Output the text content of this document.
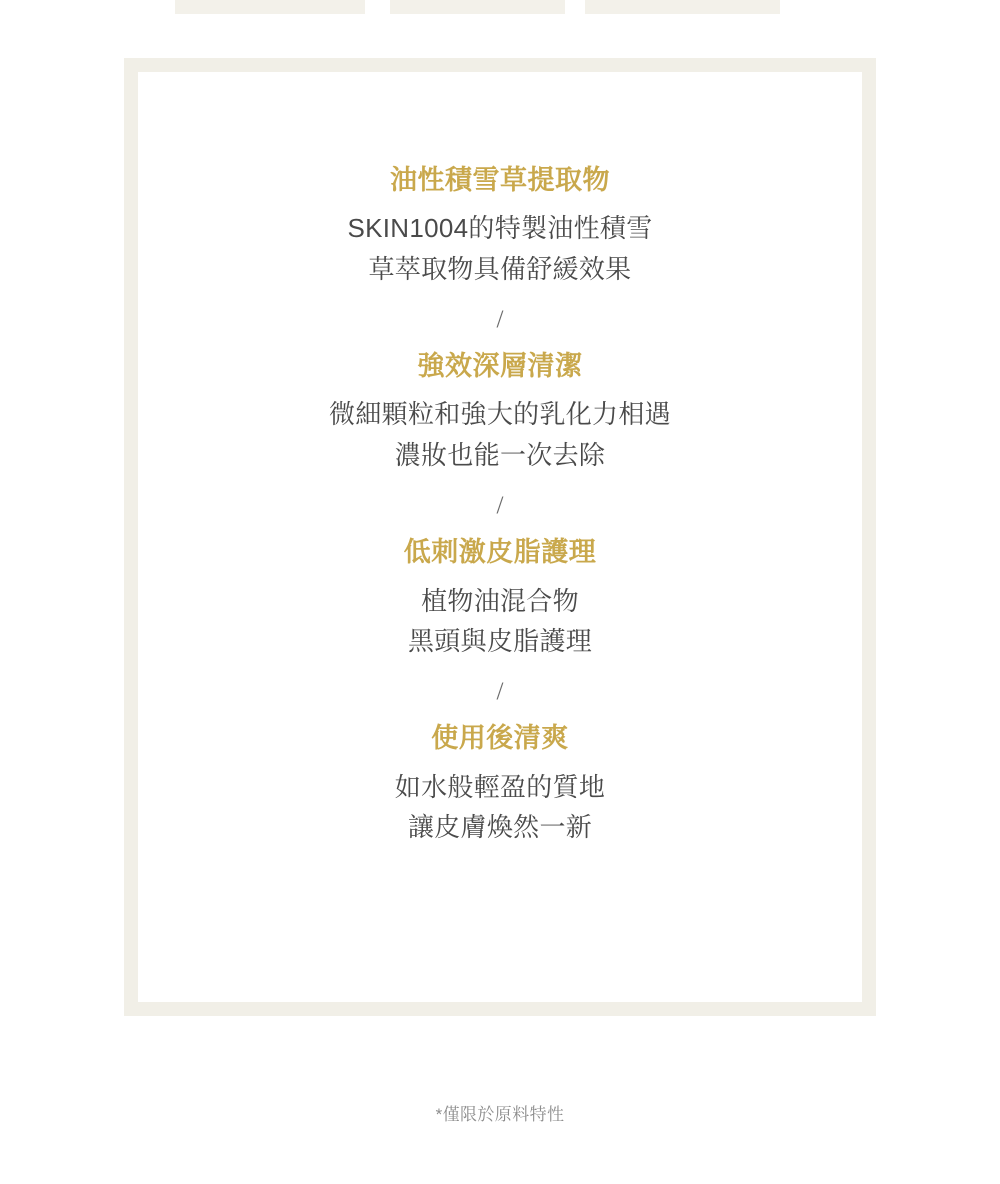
油性積雪草提取物

SKIN1004的特製油性積雪

草萃取物具備舒緩效果

/

強效深層清潔

微細顆粒和強大的乳化力相遇

濃妝也能一次去除

/

低刺激皮脂護理

植物油混合物

黑頭與皮脂護理

/

使用後清爽

如水般輕盈的質地

讓皮膚煥然一新

*僅限於原料特性
